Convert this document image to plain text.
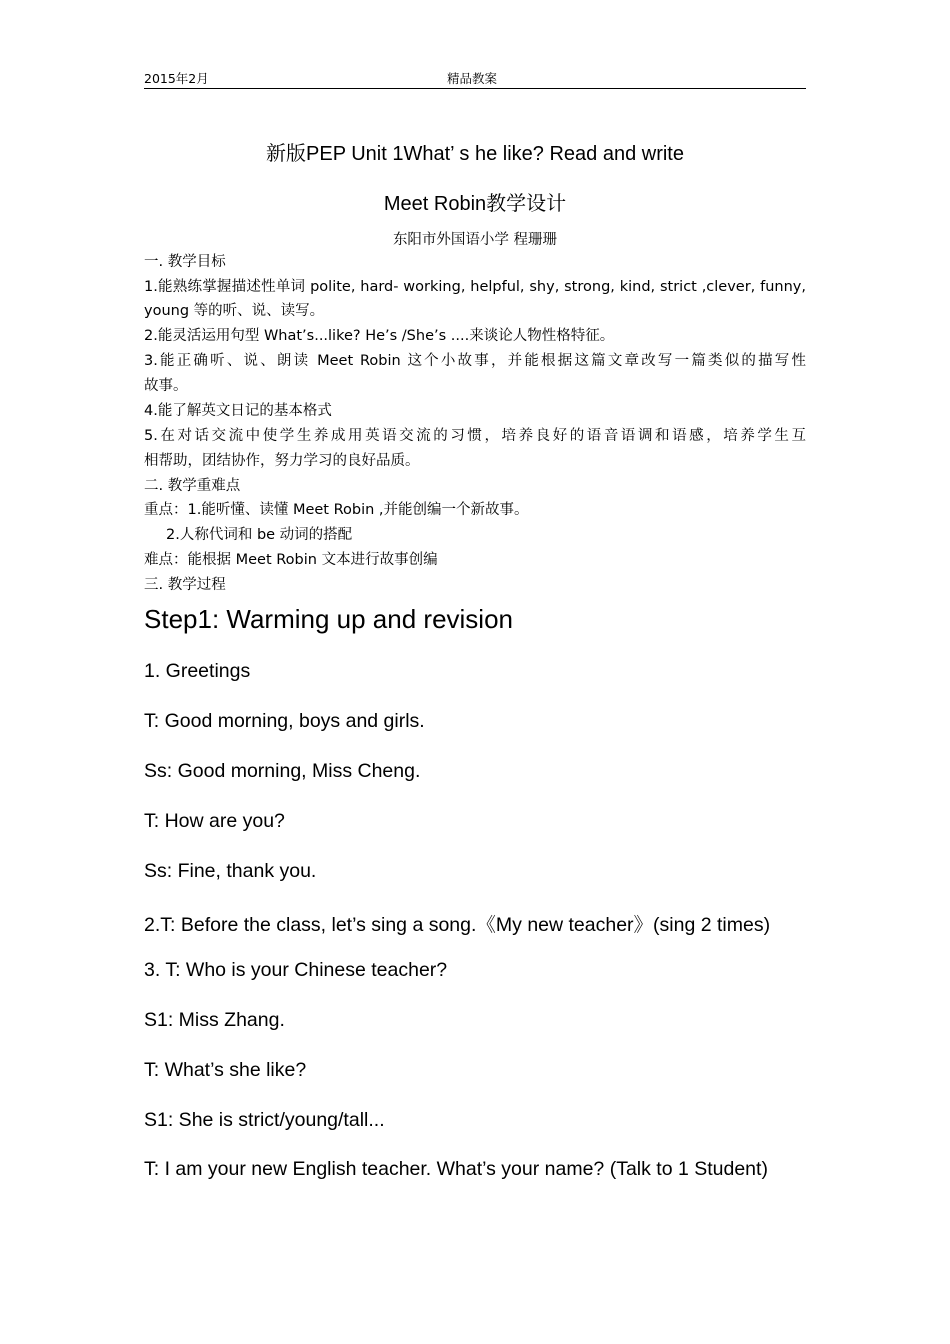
2015年2月	精品教案
新版PEP Unit 1What’ s he like? Read and write
Meet Robin教学设计
东阳市外国语小学 程珊珊
一. 教学目标
1.能熟练掌握描述性单词 polite, hard- working, helpful, shy, strong, kind, strict ,clever, funny,
young 等的听、说、读写。
2.能灵活运用句型 What’s...like? He’s /She’s ....来谈论人物性格特征。
3.能正确听、说、朗读 Meet Robin 这个小故事，并能根据这篇文章改写一篇类似的描写性
故事。
4.能了解英文日记的基本格式
5.在对话交流中使学生养成用英语交流的习惯，培养良好的语音语调和语感，培养学生互
相帮助，团结协作，努力学习的良好品质。
二. 教学重难点
重点：1.能听懂、读懂 Meet Robin ,并能创编一个新故事。
2.人称代词和 be 动词的搭配
难点：能根据 Meet Robin 文本进行故事创编
三. 教学过程
Step1: Warming up and revision
1. Greetings
T: Good morning, boys and girls.
Ss: Good morning, Miss Cheng.
T: How are you?
Ss: Fine, thank you.
2.T: Before the class, let’s sing a song.《My new teacher》(sing 2 times)
3. T: Who is your Chinese teacher?
S1: Miss Zhang.
T: What’s she like?
S1: She is strict/young/tall...
T: I am your new English teacher. What’s your name? (Talk to 1 Student)
